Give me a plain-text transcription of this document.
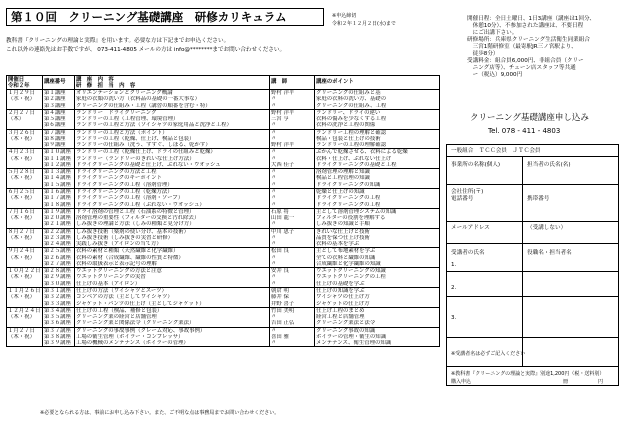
第１０回　クリーニング基礎講座　研修カリキュラム	※申込締切
令和２年１２月２日(水)まで
教科書『クリーニングの理論と実際』を用います。必要な方は下記までお申込ください。
これ以外の連絡先はお手数ですが、 073-411-4805 メールの方は info@********までお問い合わせください。
開催日程：全日土曜日、1日3講座（講座は1回分、
　休憩10分）、不参加された講座は、不要日程
　にご出講下さい。
研修場所：兵庫県クリーニング生活衛生同業組合
　三宮1階研修室（最寄駅JR三ノ宮駅より、
　徒歩8分）
受講料金：組合員6,000円、非組合員（クリー
　ニング店等）、チェーン店スタッフ等共通
　ー（税込）9,000円
クリーニング基礎講座申し込み
Tel. 078 - 411 - 4803
一般組合　ＴＣＣ会員　ＪＴＣ会員
事業所の名称(個人)	担当者の氏名(名)
会社住所(〒)
電話番号	携帯番号
メールアドレス	（受講しない）
受講者の氏名	役職名・担当者名
1.
2.
3.
※受講者名は必ずご記入ください
※教科書『クリーニングの理論と実際』別途1,200円（税・送料別）
購入申込	冊　　　　　　円
開催日
令和２年	講座番号	講　座　内　容
研　修　担　当　内　容	講　師	講座のポイント
１月２９日	第１講座	オリエンテーションとクリーニング概論	野村 洋平	クリーニングの仕組みと基
（水・祝）	第２講座	家庭の衣類の洗い方（衣料品の基礎の一番大事な）	〃	家庭の衣料の洗い方、基礎の
	第３講座	クリーニングの仕組み・工程（講習の順番を含む・特）	〃	クリーニングの仕組み、工程
２月２７日	第４講座	ランドリー　ドライクリーニング	野村 洋平	ランドリー、ドライの違い
（木）	第５講座	ランドリーの工程（工程管理、環境管理）	三宮 亨	衣料の傷みを少なくする工程
	第６講座	ランドリーの工程と方法（ソイシャツの家庭用品と洗浄と工程）	〃	衣料の洗浄と工程の関係
３月２６日	第７講座	ランドリーの工程と方法（ポイント）	〃	ランドリー工程の理解と確認
（木・祝）	第８講座	ランドリーの工程（乾燥、仕上げ、検品と包装）	〃	検品・包装と仕上げの技術
	第９講座	ランドリーの仕組み（洗う、すすぐ、しぼる、乾かす）	野村 洋平	ランドリーの工程の理解確認
４月２３日	第１０講座	ランドリーの工程（乾燥仕上げ、ドライの仕組みと乾燥）	〃	ぷかんで乾燥させる、衣料による乾燥
（木・祝）	第１１講座	ランドリー（ランドリーのきれいな仕上げ方法）	〃	衣料・仕上げ、ぶれない仕上げ
	第１２講座	ドライクリーニングの基礎と仕上げ、ぶれない・ウオッシュ	大西 佳子	ドライクリーニングの基礎と工程
５月２８日	第１３講座	ドライクリーニングの方法と工程	〃	溶剤管理の理解と知識
（木・祝）	第１４講座	ドライクリーニングのキーポイント	〃	検品と工程管理の知識
	第１５講座	ドライクリーニングの工程（溶剤管理）	〃	ドライクリーニングの知識
６月２５日	第１６講座	ドライクリーニングの工程（乾燥方法）	〃	乾燥と仕上げの知識
（木・祝）	第１７講座	ドライクリーニングの工程（溶剤・ソープ）	〃	ドライクリーニングの工程
	第１８講座	ドライクリーニングの工程（ぶれない・ウオッシュ）	〃	ドライクリーニングの工程
７月１６日	第１９講座	ドライ溶剤の管理と工程（石油系の特徴と管理）	石原 将	主として溶剤管理システムの知識
（木・祝）	第２０講座	溶剤管理の重要性（フィルターの交換と汚れ除去）	山田 龍一	フィルターの役割を理解する
	第２１講座	しみ抜きの理論と方法（しみの種類と見分け方）	〃	しみ抜きの知識と手順
８月２７日	第２２講座	しみ抜き技術（薬剤の使い分け、基本の技術）	中川 恵子	きれいな仕上げと技術
（木・祝）	第２３講座	しみ抜き技術（しみ抜きの実習と研修）	〃	品質を保つ仕上げ技術
	第２４講座	実践しみ抜き（アイロンの当て方）	〃	衣料の基本を学ぶ
９月２４日	第２５講座	衣料の素材と種類（天然繊維と化学繊維）	松田 良	主として布地素材を学ぶ
（木・祝）	第２６講座	衣料の素材（合成繊維、繊維の性質と特徴）	〃	全ての衣料と繊維の知識
	第２７講座	衣料の取扱表示と表示記号の理解	〃	合成繊維と化学繊維の知識
１０月２２日	第２８講座	ウエットクリーニングの方法と注意	安井 良	ウエットクリーニングの知識
（木・祝）	第２９講座	ウエットクリーニングの実習	〃	ウエットクリーニングの工程
	第３０講座	仕上げの基本（アイロン）	〃	仕上げの基礎を学ぶ
１１月２６日	第３１講座	仕上げの方法（ワイシャツとスーツ）	朝倉 明	仕上げの知識を学ぶ
（木・祝）	第３２講座	コンベアの方法（主としてワイシャツ）	藤井 保	ワイシャツの仕上げ方
	第３３講座	ジャケット・パンツの仕上げ（主としてジャケット）	井野 喜子	ジャケットの仕上げ方
１２月２４日	第３４講座	仕上げの工程（検品、補修と包装）	竹田 美明	仕上げ工程のまとめ
（木・祝）	第３５講座	クリーニング業の経営と店舗管理	〃	経営工程と店舗管理
	第３６講座	クリーニング業と関係法令（クリーニング業法）	吉田 正弘	クリーニング業法と法令
１月２７日	第３７講座	クリーニングの事故事例（クレーム対応、事故事例）	〃	クリーニング事故の知識
（木・祝）	第３８講座	工場の衛生管理（ボイラー・コンプレッサ）	喜田 雅	ボイラーの管理・衛生の知識
	第３９講座	工場の機械のメンテナンス（ボイラーの管理）	〃	メンテナンス、衛生管理の知識
※必要となられる方は、事前にお申し込み下さい。また、ご不明な点は事務局までお問い合わせください。
